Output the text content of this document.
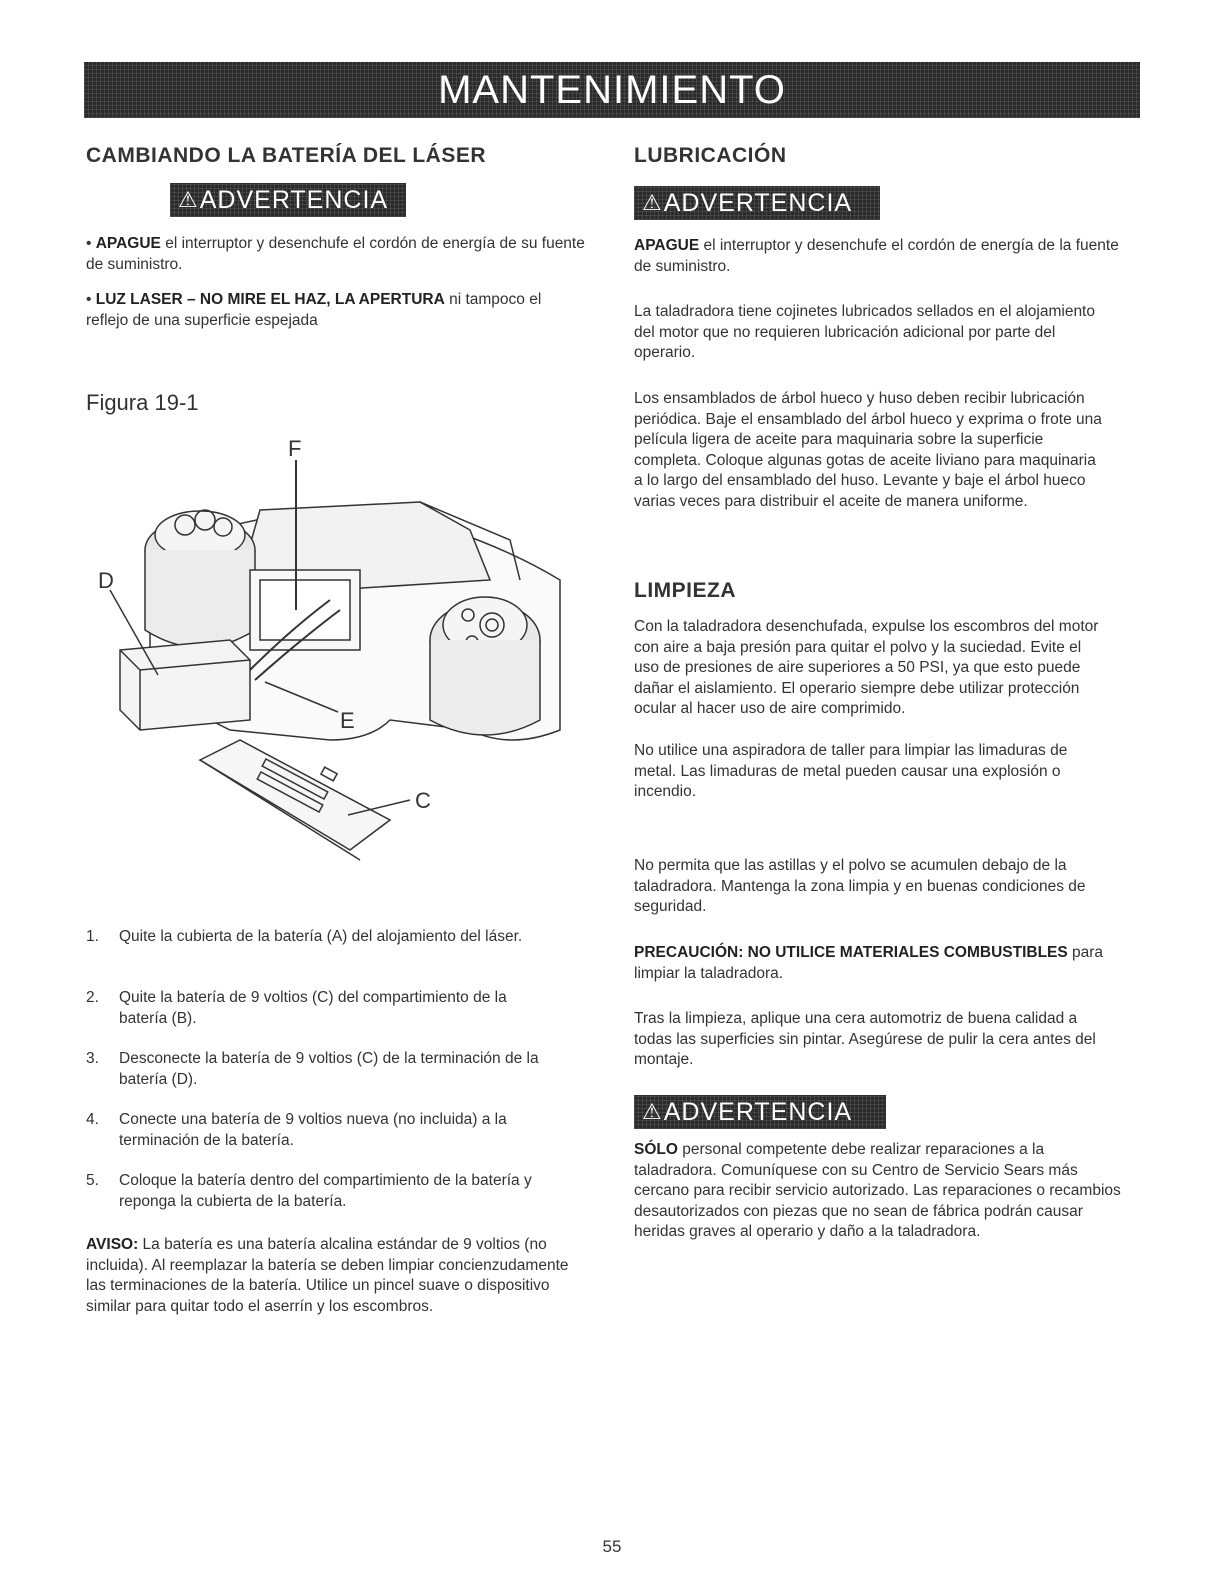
MANTENIMIENTO
CAMBIANDO LA BATERÍA DEL LÁSER
⚠ ADVERTENCIA

• APAGUE el interruptor y desenchufe el cordón de energía de su fuente de suministro.

• LUZ LASER – NO MIRE EL HAZ, LA APERTURA ni tampoco el reflejo de una superficie espejada

Figura 19-1
F
D
E
C
1. Quite la cubierta de la batería (A) del alojamiento del láser.
2. Quite la batería de 9 voltios (C) del compartimiento de la batería (B).
3. Desconecte la batería de 9 voltios (C) de la terminación de la batería (D).
4. Conecte una batería de 9 voltios nueva (no incluida) a la terminación de la batería.
5. Coloque la batería dentro del compartimiento de la batería y reponga la cubierta de la batería.

AVISO: La batería es una batería alcalina estándar de 9 voltios (no incluida). Al reemplazar la batería se deben limpiar concienzudamente las terminaciones de la batería. Utilice un pincel suave o dispositivo similar para quitar todo el aserrín y los escombros.

LUBRICACIÓN
⚠ ADVERTENCIA

APAGUE el interruptor y desenchufe el cordón de energía de la fuente de suministro.

La taladradora tiene cojinetes lubricados sellados en el alojamiento del motor que no requieren lubricación adicional por parte del operario.

Los ensamblados de árbol hueco y huso deben recibir lubricación periódica. Baje el ensamblado del árbol hueco y exprima o frote una película ligera de aceite para maquinaria sobre la superficie completa. Coloque algunas gotas de aceite liviano para maquinaria a lo largo del ensamblado del huso. Levante y baje el árbol hueco varias veces para distribuir el aceite de manera uniforme.

LIMPIEZA

Con la taladradora desenchufada, expulse los escombros del motor con aire a baja presión para quitar el polvo y la suciedad. Evite el uso de presiones de aire superiores a 50 PSI, ya que esto puede dañar el aislamiento. El operario siempre debe utilizar protección ocular al hacer uso de aire comprimido.

No utilice una aspiradora de taller para limpiar las limaduras de metal. Las limaduras de metal pueden causar una explosión o incendio.

No permita que las astillas y el polvo se acumulen debajo de la taladradora. Mantenga la zona limpia y en buenas condiciones de seguridad.

PRECAUCIÓN: NO UTILICE MATERIALES COMBUSTIBLES para limpiar la taladradora.

Tras la limpieza, aplique una cera automotriz de buena calidad a todas las superficies sin pintar. Asegúrese de pulir la cera antes del montaje.

⚠ ADVERTENCIA

SÓLO personal competente debe realizar reparaciones a la taladradora. Comuníquese con su Centro de Servicio Sears más cercano para recibir servicio autorizado. Las reparaciones o recambios desautorizados con piezas que no sean de fábrica podrán causar heridas graves al operario y daño a la taladradora.

55
